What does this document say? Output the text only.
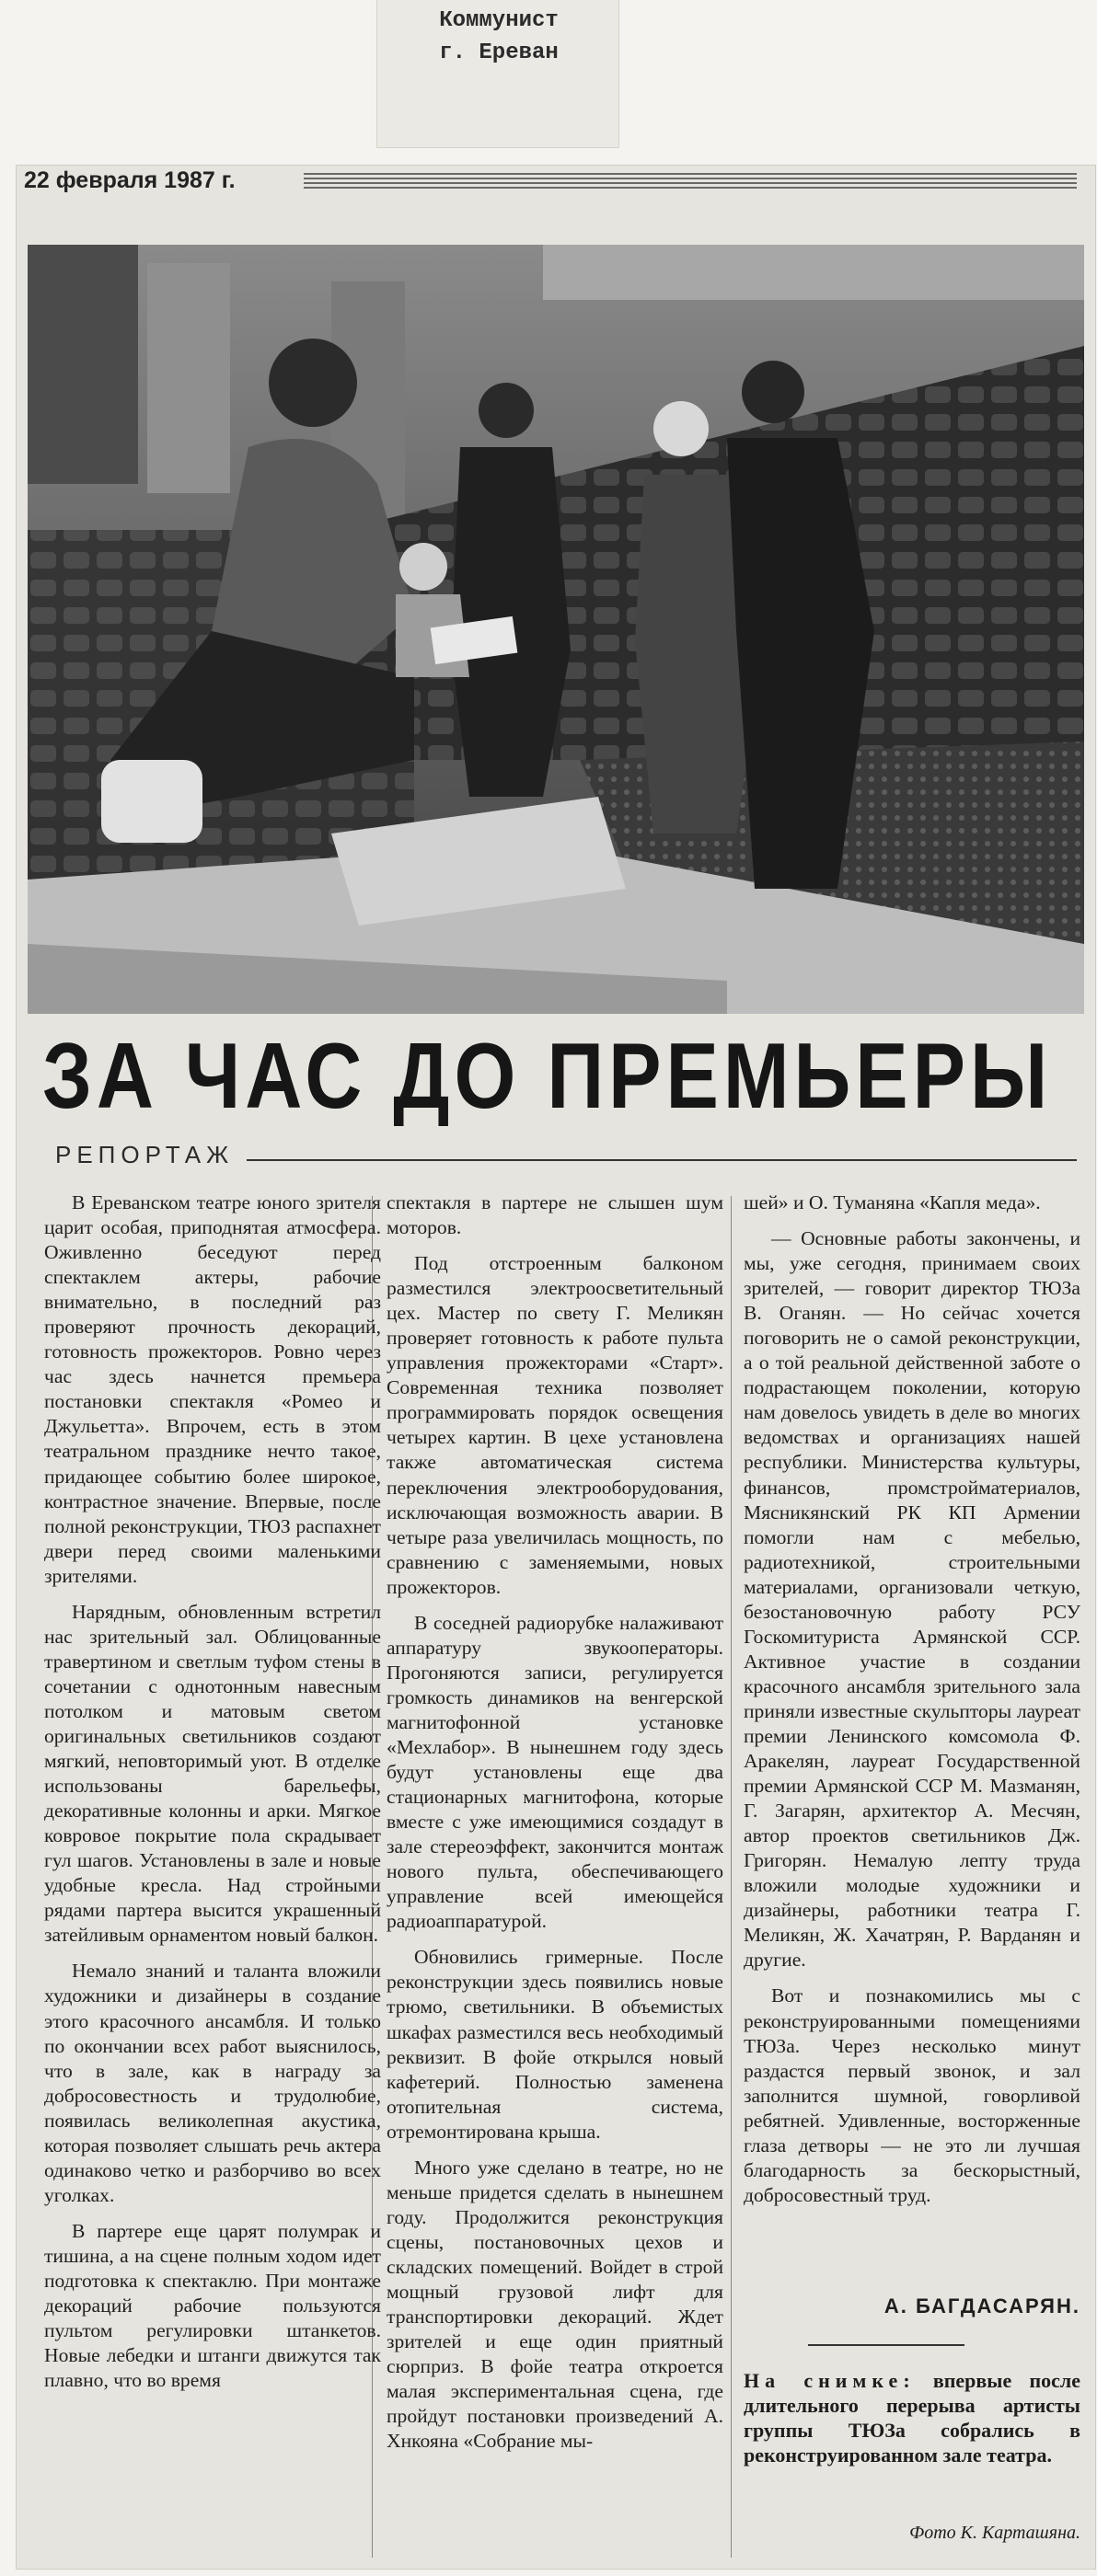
Коммунист
г. Ереван
22 февраля 1987 г.
ЗА ЧАС ДО ПРЕМЬЕРЫ
РЕПОРТАЖ

В Ереванском театре юного зрителя царит особая, приподнятая атмосфера. Оживленно беседуют перед спектаклем актеры, рабочие внимательно, в последний раз проверяют прочность декораций, готовность прожекторов. Ровно через час здесь начнется премьера постановки спектакля «Ромео и Джульетта». Впрочем, есть в этом театральном празднике нечто такое, придающее событию более широкое, контрастное значение. Впервые, после полной реконструкции, ТЮЗ распахнет двери перед своими маленькими зрителями.

Нарядным, обновленным встретил нас зрительный зал. Облицованные травертином и светлым туфом стены в сочетании с однотонным навесным потолком и матовым светом оригинальных светильников создают мягкий, неповторимый уют. В отделке использованы барельефы, декоративные колонны и арки. Мягкое ковровое покрытие пола скрадывает гул шагов. Установлены в зале и новые удобные кресла. Над стройными рядами партера высится украшенный затейливым орнаментом новый балкон.

Немало знаний и таланта вложили художники и дизайнеры в создание этого красочного ансамбля. И только по окончании всех работ выяснилось, что в зале, как в награду за добросовестность и трудолюбие, появилась великолепная акустика, которая позволяет слышать речь актера одинаково четко и разборчиво во всех уголках.

В партере еще царят полумрак и тишина, а на сцене полным ходом идет подготовка к спектаклю. При монтаже декораций рабочие пользуются пультом регулировки штанкетов. Новые лебедки и штанги движутся так плавно, что во время

спектакля в партере не слышен шум моторов.

Под отстроенным балконом разместился электроосветительный цех. Мастер по свету Г. Меликян проверяет готовность к работе пульта управления прожекторами «Старт». Современная техника позволяет программировать порядок освещения четырех картин. В цехе установлена также автоматическая система переключения электрооборудования, исключающая возможность аварии. В четыре раза увеличилась мощность, по сравнению с заменяемыми, новых прожекторов.

В соседней радиорубке налаживают аппаратуру звукооператоры. Прогоняются записи, регулируется громкость динамиков на венгерской магнитофонной установке «Мехлабор». В нынешнем году здесь будут установлены еще два стационарных магнитофона, которые вместе с уже имеющимися создадут в зале стереоэффект, закончится монтаж нового пульта, обеспечивающего управление всей имеющейся радиоаппаратурой.

Обновились гримерные. После реконструкции здесь появились новые трюмо, светильники. В объемистых шкафах разместился весь необходимый реквизит. В фойе открылся новый кафетерий. Полностью заменена отопительная система, отремонтирована крыша.

Много уже сделано в театре, но не меньше придется сделать в нынешнем году. Продолжится реконструкция сцены, постановочных цехов и складских помещений. Войдет в строй мощный грузовой лифт для транспортировки декораций. Ждет зрителей и еще один приятный сюрприз. В фойе театра откроется малая экспериментальная сцена, где пройдут постановки произведений А. Хнкояна «Собрание мы-

шей» и О. Туманяна «Капля меда».

— Основные работы закончены, и мы, уже сегодня, принимаем своих зрителей, — говорит директор ТЮЗа В. Оганян. — Но сейчас хочется поговорить не о самой реконструкции, а о той реальной действенной заботе о подрастающем поколении, которую нам довелось увидеть в деле во многих ведомствах и организациях нашей республики. Министерства культуры, финансов, промстройматериалов, Мясникянский РК КП Армении помогли нам с мебелью, радиотехникой, строительными материалами, организовали четкую, безостановочную работу РСУ Госкомитуриста Армянской ССР. Активное участие в создании красочного ансамбля зрительного зала приняли известные скульпторы лауреат премии Ленинского комсомола Ф. Аракелян, лауреат Государственной премии Армянской ССР М. Мазманян, Г. Загарян, архитектор А. Месчян, автор проектов светильников Дж. Григорян. Немалую лепту труда вложили молодые художники и дизайнеры, работники театра Г. Меликян, Ж. Хачатрян, Р. Варданян и другие.

Вот и познакомились мы с реконструированными помещениями ТЮЗа. Через несколько минут раздастся первый звонок, и зал заполнится шумной, говорливой ребятней. Удивленные, восторженные глаза детворы — не это ли лучшая благодарность за бескорыстный, добросовестный труд.

А. БАГДАСАРЯН.
На снимке: впервые после длительного перерыва артисты группы ТЮЗа собрались в реконструированном зале театра.
Фото К. Карташяна.
